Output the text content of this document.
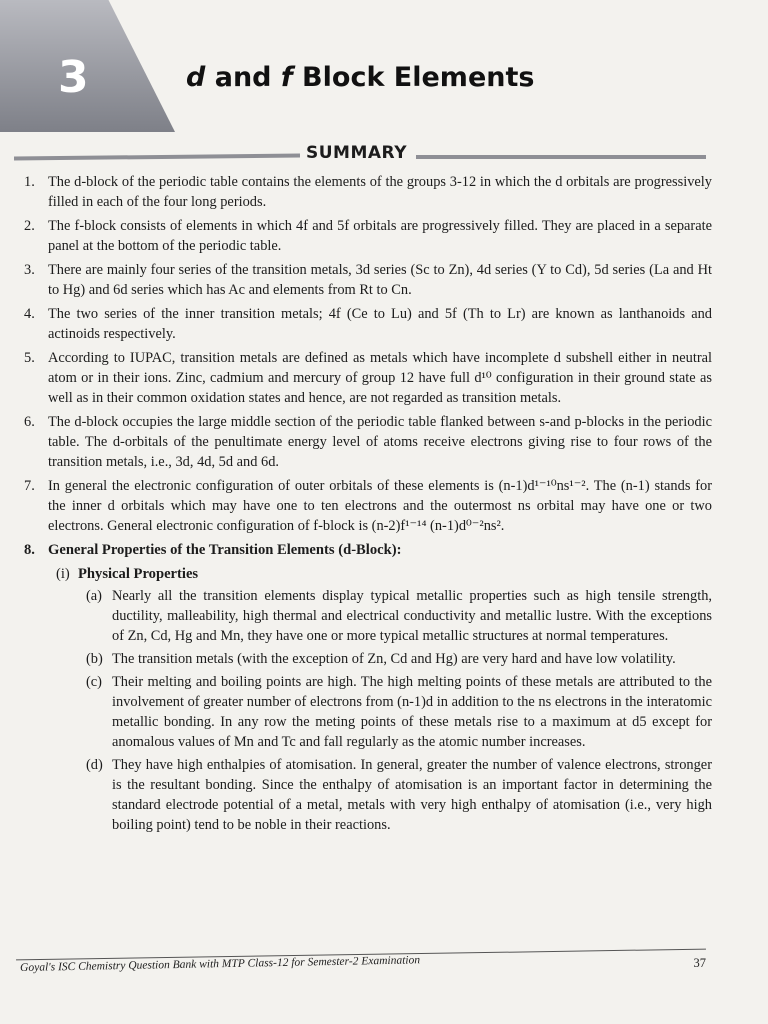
3	d and f Block Elements
SUMMARY
1. The d-block of the periodic table contains the elements of the groups 3-12 in which the d orbitals are progressively filled in each of the four long periods.
2. The f-block consists of elements in which 4f and 5f orbitals are progressively filled. They are placed in a separate panel at the bottom of the periodic table.
3. There are mainly four series of the transition metals, 3d series (Sc to Zn), 4d series (Y to Cd), 5d series (La and Ht to Hg) and 6d series which has Ac and elements from Rt to Cn.
4. The two series of the inner transition metals; 4f (Ce to Lu) and 5f (Th to Lr) are known as lanthanoids and actinoids respectively.
5. According to IUPAC, transition metals are defined as metals which have incomplete d subshell either in neutral atom or in their ions. Zinc, cadmium and mercury of group 12 have full d¹⁰ configuration in their ground state as well as in their common oxidation states and hence, are not regarded as transition metals.
6. The d-block occupies the large middle section of the periodic table flanked between s-and p-blocks in the periodic table. The d-orbitals of the penultimate energy level of atoms receive electrons giving rise to four rows of the transition metals, i.e., 3d, 4d, 5d and 6d.
7. In general the electronic configuration of outer orbitals of these elements is (n-1)d¹⁻¹⁰ns¹⁻². The (n-1) stands for the inner d orbitals which may have one to ten electrons and the outermost ns orbital may have one or two electrons. General electronic configuration of f-block is (n-2)f¹⁻¹⁴ (n-1)d⁰⁻²ns².
8. General Properties of the Transition Elements (d-Block):
(i) Physical Properties
(a) Nearly all the transition elements display typical metallic properties such as high tensile strength, ductility, malleability, high thermal and electrical conductivity and metallic lustre. With the exceptions of Zn, Cd, Hg and Mn, they have one or more typical metallic structures at normal temperatures.
(b) The transition metals (with the exception of Zn, Cd and Hg) are very hard and have low volatility.
(c) Their melting and boiling points are high. The high melting points of these metals are attributed to the involvement of greater number of electrons from (n-1)d in addition to the ns electrons in the interatomic metallic bonding. In any row the meting points of these metals rise to a maximum at d5 except for anomalous values of Mn and Tc and fall regularly as the atomic number increases.
(d) They have high enthalpies of atomisation. In general, greater the number of valence electrons, stronger is the resultant bonding. Since the enthalpy of atomisation is an important factor in determining the standard electrode potential of a metal, metals with very high enthalpy of atomisation (i.e., very high boiling point) tend to be noble in their reactions.
Goyal's ISC Chemistry Question Bank with MTP Class-12 for Semester-2 Examination	37
